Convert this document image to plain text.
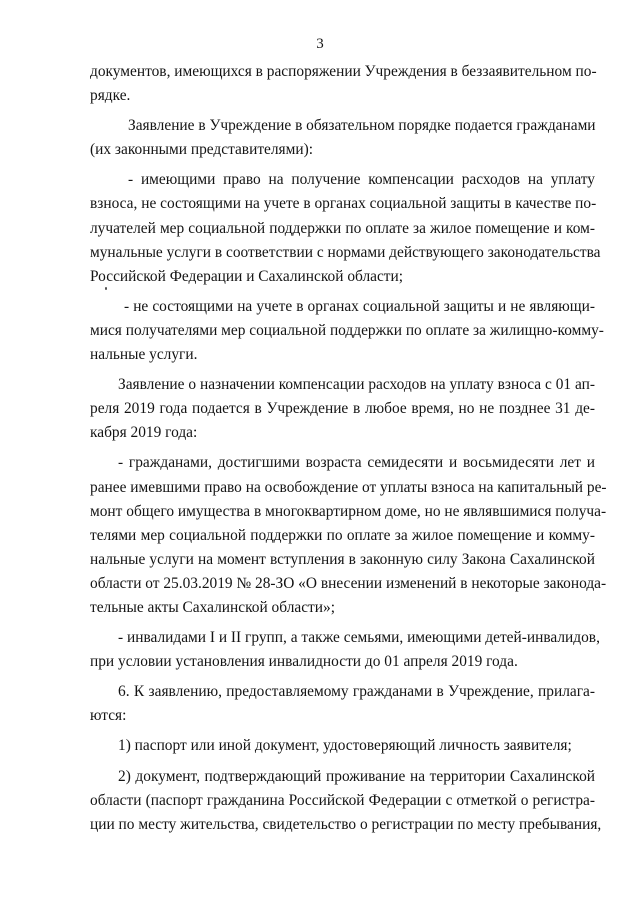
3
документов, имеющихся в распоряжении Учреждения в беззаявительном по-
рядке.
Заявление в Учреждение в обязательном порядке подается гражданами
(их законными представителями):
- имеющими право на получение компенсации расходов на уплату
взноса, не состоящими на учете в органах социальной защиты в качестве по-
лучателей мер социальной поддержки по оплате за жилое помещение и ком-
мунальные услуги в соответствии с нормами действующего законодательства
Российской Федерации и Сахалинской области;
- не состоящими на учете в органах социальной защиты и не являющи-
мися получателями мер социальной поддержки по оплате за жилищно-комму-
нальные услуги.
Заявление о назначении компенсации расходов на уплату взноса с 01 ап-
реля 2019 года подается в Учреждение в любое время, но не позднее 31 де-
кабря 2019 года:
- гражданами, достигшими возраста семидесяти и восьмидесяти лет и
ранее имевшими право на освобождение от уплаты взноса на капитальный ре-
монт общего имущества в многоквартирном доме, но не являвшимися получа-
телями мер социальной поддержки по оплате за жилое помещение и комму-
нальные услуги на момент вступления в законную силу Закона Сахалинской
области от 25.03.2019 № 28-ЗО «О внесении изменений в некоторые законода-
тельные акты Сахалинской области»;
- инвалидами I и II групп, а также семьями, имеющими детей-инвалидов,
при условии установления инвалидности до 01 апреля 2019 года.
6. К заявлению, предоставляемому гражданами в Учреждение, прилага-
ются:
1) паспорт или иной документ, удостоверяющий личность заявителя;
2) документ, подтверждающий проживание на территории Сахалинской
области (паспорт гражданина Российской Федерации с отметкой о регистра-
ции по месту жительства, свидетельство о регистрации по месту пребывания,
